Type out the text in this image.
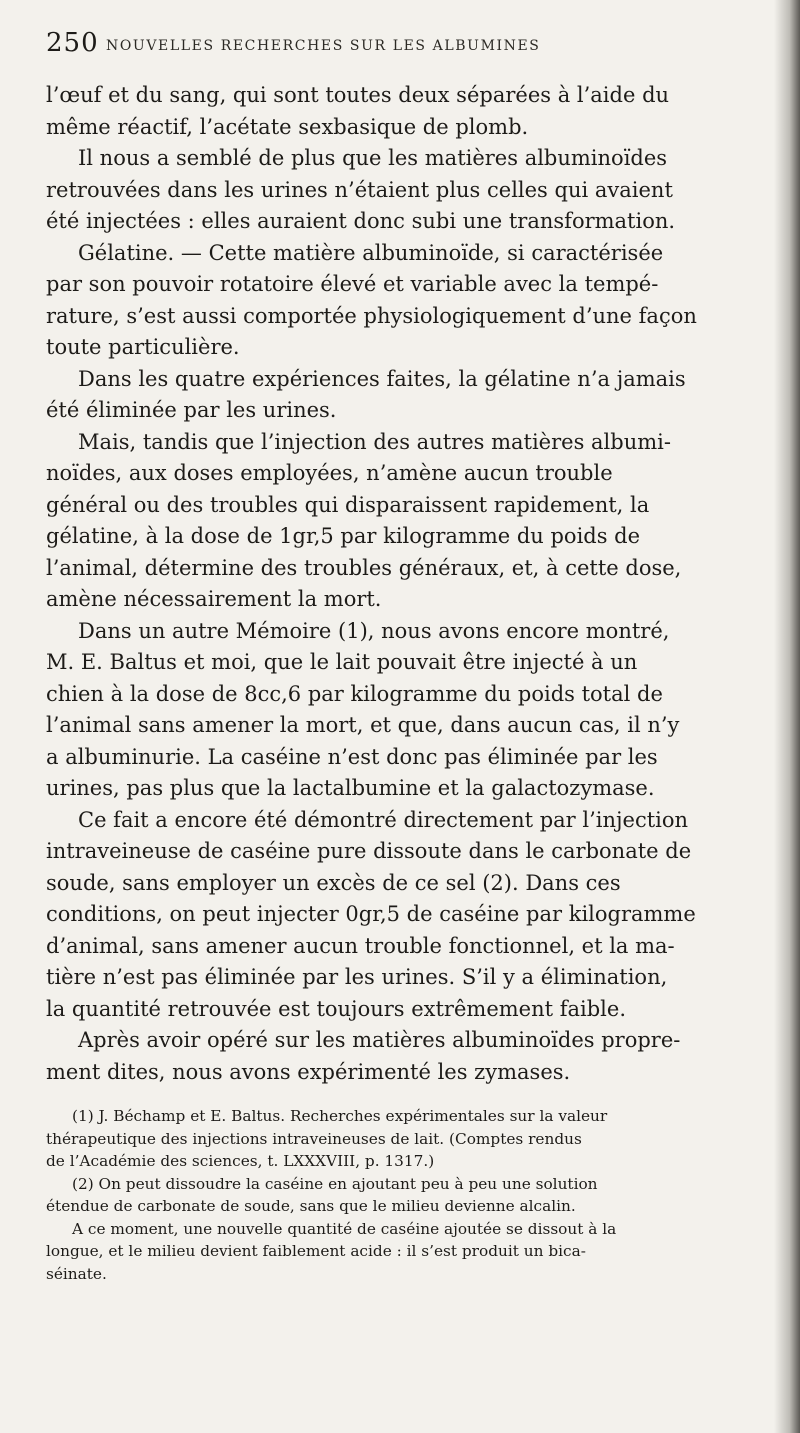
250 NOUVELLES RECHERCHES SUR LES ALBUMINES
l’œuf et du sang, qui sont toutes deux séparées à l’aide du
même réactif, l’acétate sexbasique de plomb.
Il nous a semblé de plus que les matières albuminoïdes
retrouvées dans les urines n’étaient plus celles qui avaient
été injectées : elles auraient donc subi une transformation.
Gélatine. — Cette matière albuminoïde, si caractérisée
par son pouvoir rotatoire élevé et variable avec la tempé-
rature, s’est aussi comportée physiologiquement d’une façon
toute particulière.
Dans les quatre expériences faites, la gélatine n’a jamais
été éliminée par les urines.
Mais, tandis que l’injection des autres matières albumi-
noïdes, aux doses employées, n’amène aucun trouble
général ou des troubles qui disparaissent rapidement, la
gélatine, à la dose de 1gr,5 par kilogramme du poids de
l’animal, détermine des troubles généraux, et, à cette dose,
amène nécessairement la mort.
Dans un autre Mémoire (1), nous avons encore montré,
M. E. Baltus et moi, que le lait pouvait être injecté à un
chien à la dose de 8cc,6 par kilogramme du poids total de
l’animal sans amener la mort, et que, dans aucun cas, il n’y
a albuminurie. La caséine n’est donc pas éliminée par les
urines, pas plus que la lactalbumine et la galactozymase.
Ce fait a encore été démontré directement par l’injection
intraveineuse de caséine pure dissoute dans le carbonate de
soude, sans employer un excès de ce sel (2). Dans ces
conditions, on peut injecter 0gr,5 de caséine par kilogramme
d’animal, sans amener aucun trouble fonctionnel, et la ma-
tière n’est pas éliminée par les urines. S’il y a élimination,
la quantité retrouvée est toujours extrêmement faible.
Après avoir opéré sur les matières albuminoïdes propre-
ment dites, nous avons expérimenté les zymases.
(1) J. Béchamp et E. Baltus. Recherches expérimentales sur la valeur
thérapeutique des injections intraveineuses de lait. (Comptes rendus
de l’Académie des sciences, t. LXXXVIII, p. 1317.)
(2) On peut dissoudre la caséine en ajoutant peu à peu une solution
étendue de carbonate de soude, sans que le milieu devienne alcalin.
A ce moment, une nouvelle quantité de caséine ajoutée se dissout à la
longue, et le milieu devient faiblement acide : il s’est produit un bica-
séinate.
